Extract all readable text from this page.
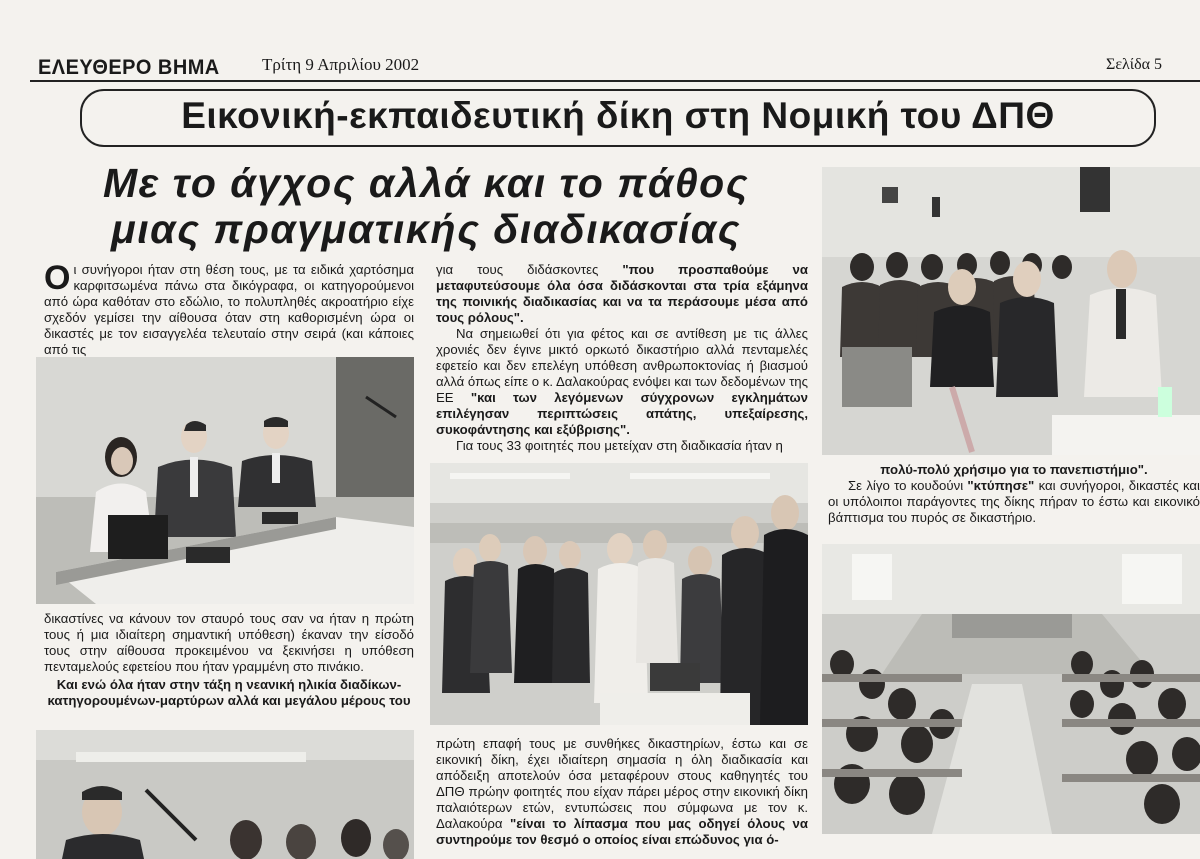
ΕΛΕΥΘΕΡΟ ΒΗΜΑ Τρίτη 9 Απριλίου 2002	Σελίδα 5
Εικονική-εκπαιδευτική δίκη στη Νομική του ΔΠΘ
Με το άγχος αλλά και το πάθος
μιας πραγματικής διαδικασίας
Οι συνήγοροι ήταν στη θέση τους, με τα ειδικά χαρτόσημα καρφιτσωμένα πάνω στα δικόγραφα, οι κατηγορούμενοι από ώρα καθόταν στο εδώλιο, το πολυπληθές ακροατήριο είχε σχεδόν γεμίσει την αίθουσα όταν στη καθορισμένη ώρα οι δικαστές με τον εισαγγελέα τελευταίο στην σειρά (και κάποιες από τις

δικαστίνες να κάνουν τον σταυρό τους σαν να ήταν η πρώτη τους ή μια ιδιαίτερη σημαντική υπόθεση) έκαναν την είσοδό τους στην αίθουσα προκειμένου να ξεκινήσει η υπόθεση πενταμελούς εφετείου που ήταν γραμμένη στο πινάκιο.

Και ενώ όλα ήταν στην τάξη η νεανική ηλικία διαδίκων-κατηγορουμένων-μαρτύρων αλλά και μεγάλου μέρους του

για τους διδάσκοντες "που προσπαθούμε να μεταφυτεύσουμε όλα όσα διδάσκονται στα τρία εξάμηνα της ποινικής διαδικασίας και να τα περάσουμε μέσα από τους ρόλους".

Να σημειωθεί ότι για φέτος και σε αντίθεση με τις άλλες χρονιές δεν έγινε μικτό ορκωτό δικαστήριο αλλά πενταμελές εφετείο και δεν επελέγη υπόθεση ανθρωποκτονίας ή βιασμού αλλά όπως είπε ο κ. Δαλακούρας ενόψει και των δεδομένων της ΕΕ "και των λεγόμενων σύγχρονων εγκλημάτων επιλέγησαν περιπτώσεις απάτης, υπεξαίρεσης, συκοφάντησης και εξύβρισης".

Για τους 33 φοιτητές που μετείχαν στη διαδικασία ήταν η

πρώτη επαφή τους με συνθήκες δικαστηρίων, έστω και σε εικονική δίκη, έχει ιδιαίτερη σημασία η όλη διαδικασία και απόδειξη αποτελούν όσα μεταφέρουν στους καθηγητές του ΔΠΘ πρώην φοιτητές που είχαν πάρει μέρος στην εικονική δίκη παλαιότερων ετών, εντυπώσεις που σύμφωνα με τον κ. Δαλακούρα "είναι το λίπασμα που μας οδηγεί όλους να συντηρούμε τον θεσμό ο οποίος είναι επώδυνος για ό-

πολύ-πολύ χρήσιμο για το πανεπιστήμιο".

Σε λίγο το κουδούνι "κτύπησε" και συνήγοροι, δικαστές και οι υπόλοιποι παράγοντες της δίκης πήραν το έστω και εικονικό βάπτισμα του πυρός σε δικαστήριο.
